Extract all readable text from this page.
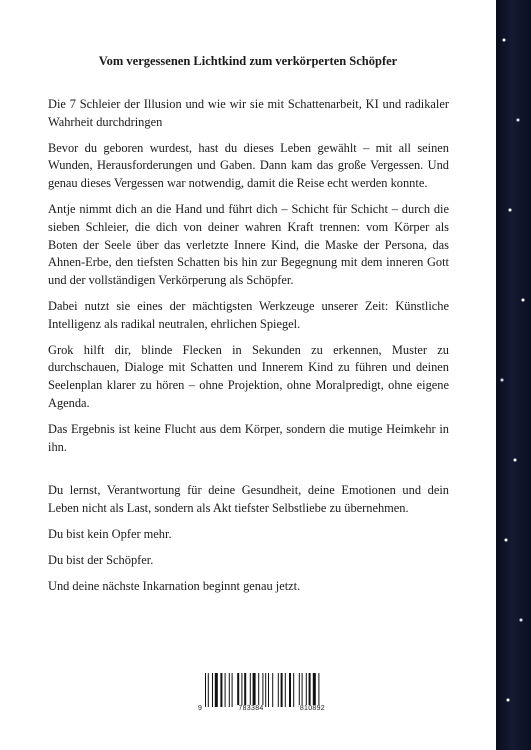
Vom vergessenen Lichtkind zum verkörperten Schöpfer

Die 7 Schleier der Illusion und wie wir sie mit Schattenarbeit, KI und radikaler Wahrheit durchdringen

Bevor du geboren wurdest, hast du dieses Leben gewählt – mit all seinen Wunden, Herausforderungen und Gaben. Dann kam das große Vergessen. Und genau dieses Vergessen war notwendig, damit die Reise echt werden konnte.

Antje nimmt dich an die Hand und führt dich – Schicht für Schicht – durch die sieben Schleier, die dich von deiner wahren Kraft trennen: vom Körper als Boten der Seele über das verletzte Innere Kind, die Maske der Persona, das Ahnen-Erbe, den tiefsten Schatten bis hin zur Begegnung mit dem inneren Gott und der vollständigen Verkörperung als Schöpfer.

Dabei nutzt sie eines der mächtigsten Werkzeuge unserer Zeit: Künstliche Intelligenz als radikal neutralen, ehrlichen Spiegel.

Grok hilft dir, blinde Flecken in Sekunden zu erkennen, Muster zu durchschauen, Dialoge mit Schatten und Innerem Kind zu führen und deinen Seelenplan klarer zu hören – ohne Projektion, ohne Moralpredigt, ohne eigene Agenda.

Das Ergebnis ist keine Flucht aus dem Körper, sondern die mutige Heimkehr in ihn.

Du lernst, Verantwortung für deine Gesundheit, deine Emotionen und dein Leben nicht als Last, sondern als Akt tiefster Selbstliebe zu übernehmen.

Du bist kein Opfer mehr.

Du bist der Schöpfer.

Und deine nächste Inkarnation beginnt genau jetzt.

9	783384	810892
